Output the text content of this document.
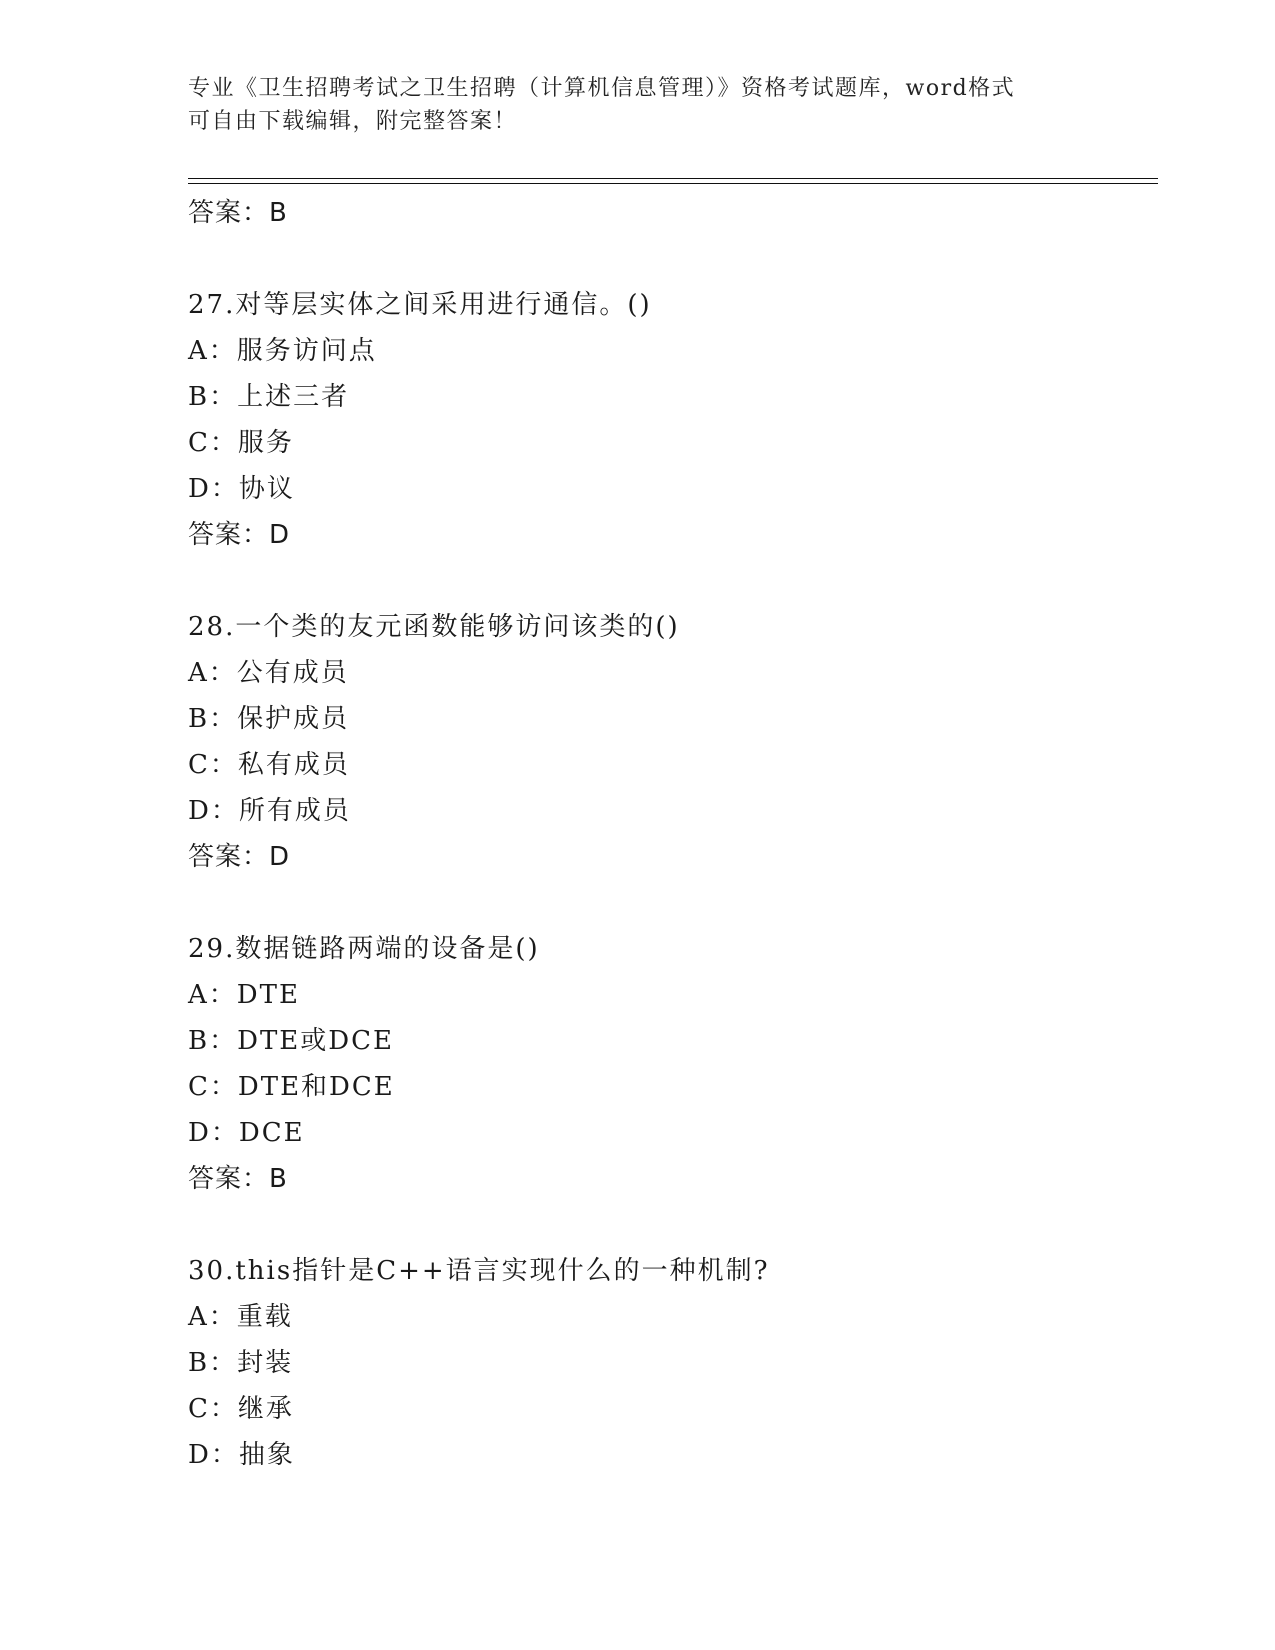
专业《卫生招聘考试之卫生招聘（计算机信息管理）》资格考试题库，word格式
可自由下载编辑，附完整答案！
答案：B
27.对等层实体之间采用进行通信。()
A：服务访问点
B：上述三者
C：服务
D：协议
答案：D
28.一个类的友元函数能够访问该类的()
A：公有成员
B：保护成员
C：私有成员
D：所有成员
答案：D
29.数据链路两端的设备是()
A：DTE
B：DTE或DCE
C：DTE和DCE
D：DCE
答案：B
30.this指针是C++语言实现什么的一种机制?
A：重载
B：封装
C：继承
D：抽象
